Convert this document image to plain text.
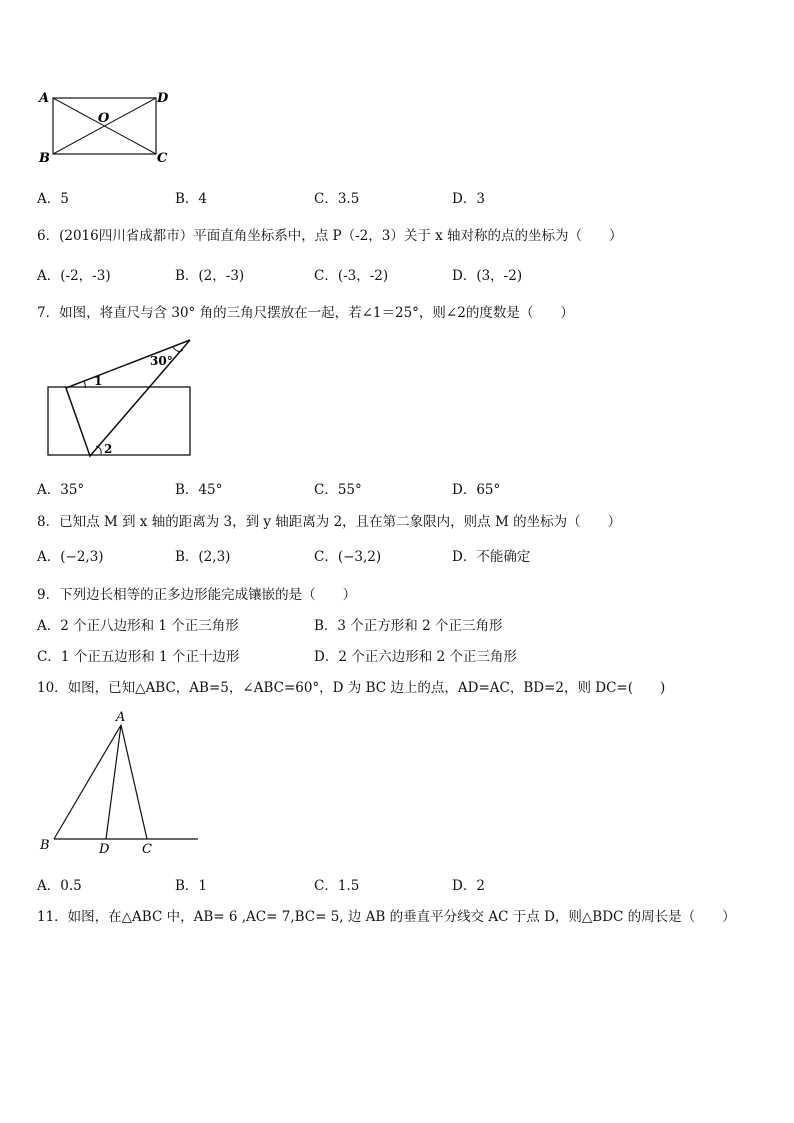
A	D
O
B	C
A．5	B．4	C．3.5	D．3
6．(2016四川省成都市）平面直角坐标系中，点 P（-2，3）关于 x 轴对称的点的坐标为（　　）
A．(-2，-3)	B．(2，-3)	C．(-3，-2)	D．(3，-2)
7．如图，将直尺与含 30° 角的三角尺摆放在一起，若∠1＝25°，则∠2的度数是（　　）
30°
1
2
A．35°	B．45°	C．55°	D．65°
8．已知点 M 到 x 轴的距离为 3，到 y 轴距离为 2，且在第二象限内，则点 M 的坐标为（　　）
A．(−2,3)	B．(2,3)	C．(−3,2)	D．不能确定
9．下列边长相等的正多边形能完成镶嵌的是（　　）
A．2 个正八边形和 1 个正三角形	B．3 个正方形和 2 个正三角形
C．1 个正五边形和 1 个正十边形	D．2 个正六边形和 2 个正三角形
10．如图，已知△ABC，AB=5，∠ABC=60°，D 为 BC 边上的点，AD=AC，BD=2，则 DC=(　　)
A
B	D	C
A．0.5	B．1	C．1.5	D．2
11．如图，在△ABC 中，AB= 6 ,AC= 7,BC= 5, 边 AB 的垂直平分线交 AC 于点 D，则△BDC 的周长是（　　）
